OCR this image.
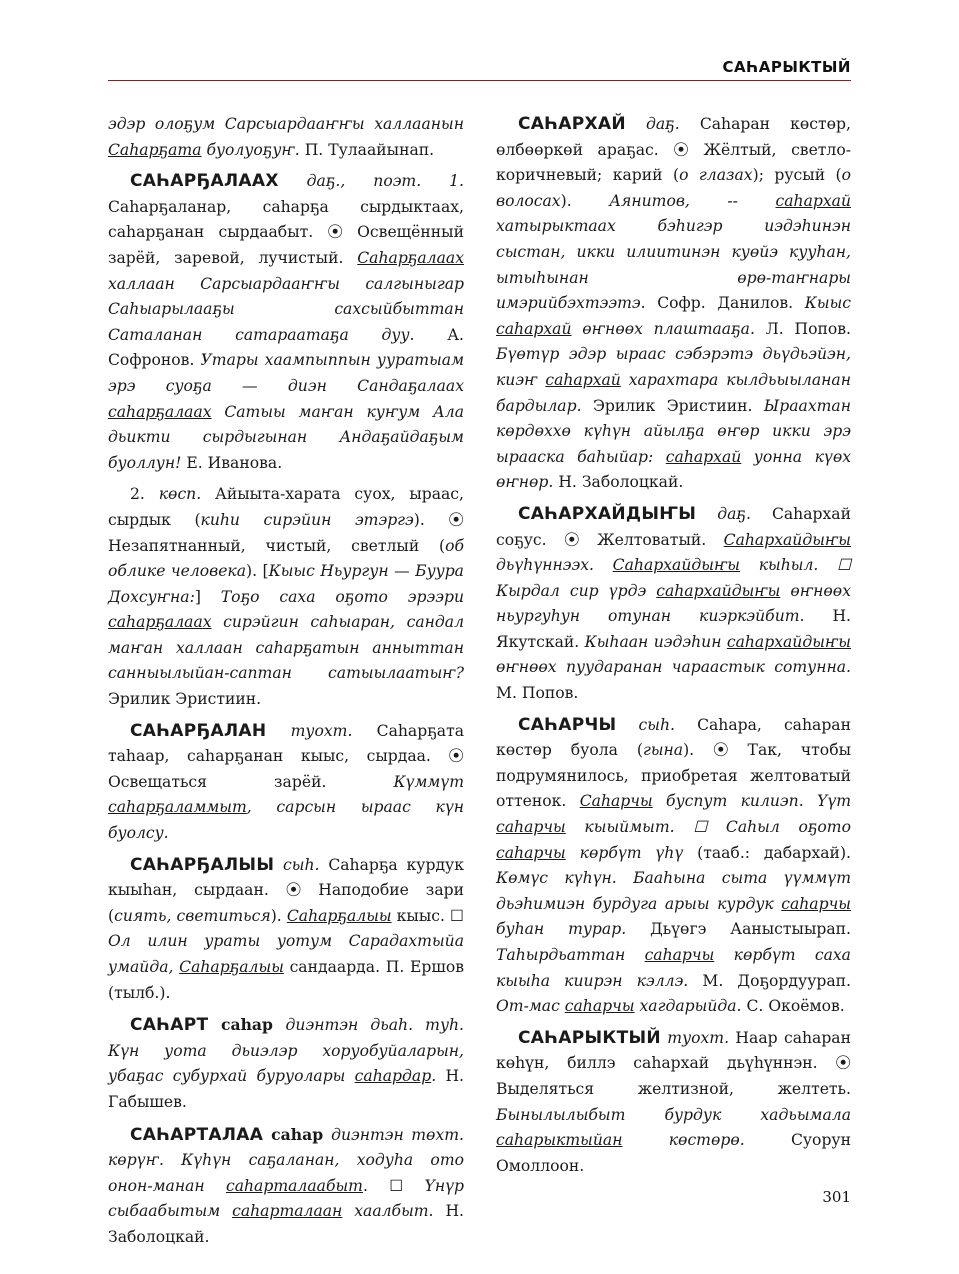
САҺАРЫКТЫЙ

эдэр олоҕум Сарсыардааҥҥы халлаанын Саһарҕата буолуоҕуҥ. П. Тулаайынап.

САҺАРҔАЛААХ даҕ., поэт. 1. Саһарҕаланар, саһарҕа сырдыктаах, саһарҕанан сырдаабыт. ⦿ Освещённый зарёй, заревой, лучистый. Саһарҕалаах халлаан Сарсыардааҥҥы салгыныгар Саһыарылааҕы сахсыйбыттан Саталанан сатараатаҕа дуу. А. Софронов. Утары хаампыппын ууратыам эрэ суоҕа — диэн Сандаҕалаах саһарҕалаах Сатыы маҥан куҥум Ала дьикти сырдыгынан Андаҕайдаҕым буоллун! Е. Иванова.

2. көсп. Айыыта-харата суох, ыраас, сырдык (киһи сирэйин этэргэ). ⦿ Незапятнанный, чистый, светлый (об облике человека). [Кыыс Ньургун — Буура Дохсуҥна:] Тоҕо саха оҕото эрээри саһарҕалаах сирэйгин саһыаран, сандал маҥан халлаан саһарҕатын анныттан санныылыйан-саптан сатыылаатыҥ? Эрилик Эристиин.

САҺАРҔАЛАН туохт. Саһарҕата таһаар, саһарҕанан кыыс, сырдаа. ⦿ Освещаться зарёй. Күммүт саһарҕаламмыт, сарсын ыраас күн буолсу.

САҺАРҔАЛЫЫ сыһ. Саһарҕа курдук кыыһан, сырдаан. ⦿ Наподобие зари (сиять, светиться). Саһарҕалыы кыыс. ☐ Ол илин ураты уотум Сарадахтыйа умайда, Саһарҕалыы сандаарда. П. Ершов (тылб.).

САҺАРТ саһар диэнтэн дьаһ. туһ. Күн уота дьиэлэр хоруобуйаларын, убаҕас субурхай буруолары саһардар. Н. Габышев.

САҺАРТАЛАА саһар диэнтэн төхт. көрүҥ. Күһүн саҕаланан, ходуһа ото онон-манан саһарталаабыт. ☐ Үнүр сыбаабытым саһарталаан хаалбыт. Н. Заболоцкай.

САҺАРХАЙ даҕ. Саһаран көстөр, өлбөөркөй араҕас. ⦿ Жёлтый, светло-коричневый; карий (о глазах); русый (о волосах). Аянитов, -- саһархай хатырыктаах бэһигэр иэдэһинэн сыстан, икки илиитинэн куөйэ кууһан, ытыһынан өрө-таҥнары имэрийбэхтээтэ. Софр. Данилов. Кыыс саһархай өҥнөөх плаштааҕа. Л. Попов. Бүөтүр эдэр ыраас сэбэрэтэ дьүдьэйэн, киэҥ саһархай харахтара кылдьыыланан бардылар. Эрилик Эристиин. Ыраахтан көрдөххө күһүн айылҕа өҥөр икки эрэ ырааска баһыйар: саһархай уонна күөх өҥнөр. Н. Заболоцкай.

САҺАРХАЙДЫҤЫ даҕ. Саһархай соҕус. ⦿ Желтоватый. Саһархайдыҥы дьүһүннээх. Саһархайдыҥы кыһыл. ☐ Кырдал сир үрдэ саһархайдыҥы өҥнөөх ньургуһун отунан киэркэйбит. Н. Якутскай. Кыһаан иэдэһин саһархайдыҥы өҥнөөх пуударанан чараастык сотунна. М. Попов.

САҺАРЧЫ сыһ. Саһара, саһаран көстөр буола (гына). ⦿ Так, чтобы подрумянилось, приобретая желтоватый оттенок. Саһарчы буспут килиэп. Үүт саһарчы кыыймыт. ☐ Саһыл оҕото саһарчы көрбүт үһү (тааб.: дабархай). Көмүс күһүн. Бааһына сыта үүммүт дьэһимиэн бурдуга арыы курдук саһарчы буһан турар. Дьүөгэ Ааныстыырап. Таһырдьаттан саһарчы көрбүт саха кыыһа киирэн кэллэ. М. Доҕордуурап. От-мас саһарчы хагдарыйда. С. Окоёмов.

САҺАРЫКТЫЙ туохт. Наар саһаран көһүн, биллэ саһархай дьүһүннэн. ⦿ Выделяться желтизной, желтеть. Бынылылыбыт бурдук хадьымала саһарыктыйан көстөрө. Суорун Омоллоон.

301
